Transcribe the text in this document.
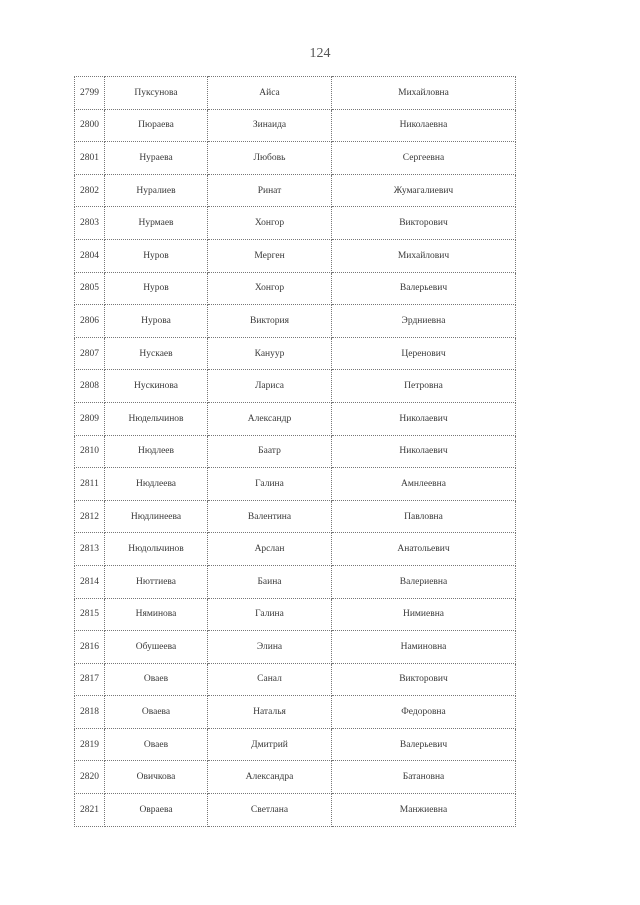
124
2799	Пуксунова	Айса	Михайловна
2800	Пюраева	Зинаида	Николаевна
2801	Нураева	Любовь	Сергеевна
2802	Нуралиев	Ринат	Жумагалиевич
2803	Нурмаев	Хонгор	Викторович
2804	Нуров	Мерген	Михайлович
2805	Нуров	Хонгор	Валерьевич
2806	Нурова	Виктория	Эрдниевна
2807	Нускаев	Кануур	Церенович
2808	Нускинова	Лариса	Петровна
2809	Нюдельчинов	Александр	Николаевич
2810	Нюдлеев	Баатр	Николаевич
2811	Нюдлеева	Галина	Амнлеевна
2812	Нюдлинеева	Валентина	Павловна
2813	Нюдольчинов	Арслан	Анатольевич
2814	Нюттиева	Баина	Валериевна
2815	Няминова	Галина	Нимиевна
2816	Обушеева	Элина	Наминовна
2817	Оваев	Санал	Викторович
2818	Оваева	Наталья	Федоровна
2819	Оваев	Дмитрий	Валерьевич
2820	Овичкова	Александра	Батановна
2821	Овраева	Светлана	Манжиевна
